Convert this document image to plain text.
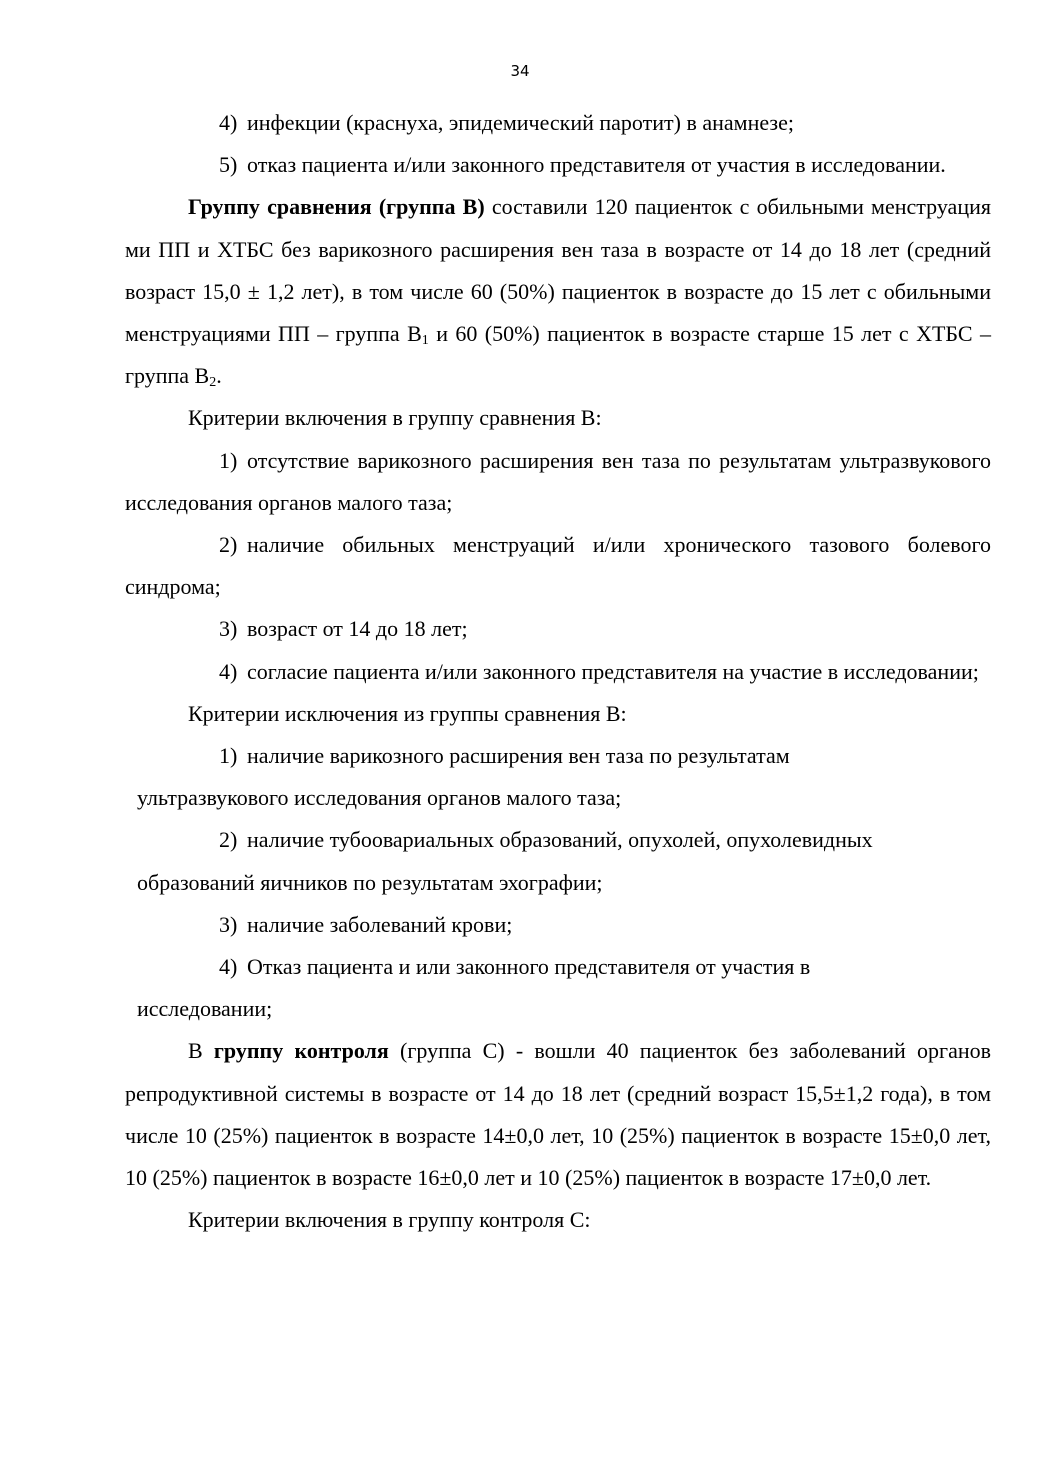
34

4) инфекции (краснуха, эпидемический паротит) в анамнезе;

5) отказ пациента и/или законного представителя от участия в исследовании.

Группу сравнения (группа В) составили 120 пациенток с обильными менструация ми ПП и ХТБС без варикозного расширения вен таза в возрасте от 14 до 18 лет (средний возраст 15,0 ± 1,2 лет), в том числе 60 (50%) пациенток в возрасте до 15 лет с обильными менструациями ПП – группа $В_1$ и 60 (50%) пациенток в возрасте старше 15 лет с ХТБС – группа $В_2$.

Критерии включения в группу сравнения В:

1) отсутствие варикозного расширения вен таза по результатам ультразвукового исследования органов малого таза;

2) наличие обильных менструаций и/или хронического тазового болевого синдрома;

3) возраст от 14 до 18 лет;

4) согласие пациента и/или законного представителя на участие в исследовании;

Критерии исключения из группы сравнения В:

1) наличие варикозного расширения вен таза по результатам

ультразвукового исследования органов малого таза;

2) наличие тубоовариальных образований, опухолей, опухолевидных

образований яичников по результатам эхографии;

3) наличие заболеваний крови;

4) Отказ пациента и или законного представителя от участия в

исследовании;

В группу контроля (группа С) - вошли 40 пациенток без заболеваний органов репродуктивной системы в возрасте от 14 до 18 лет (средний возраст 15,5±1,2 года), в том числе 10 (25%) пациенток в возрасте 14±0,0 лет, 10 (25%) пациенток в возрасте 15±0,0 лет, 10 (25%) пациенток в возрасте 16±0,0 лет и 10 (25%) пациенток в возрасте 17±0,0 лет.

Критерии включения в группу контроля С:
